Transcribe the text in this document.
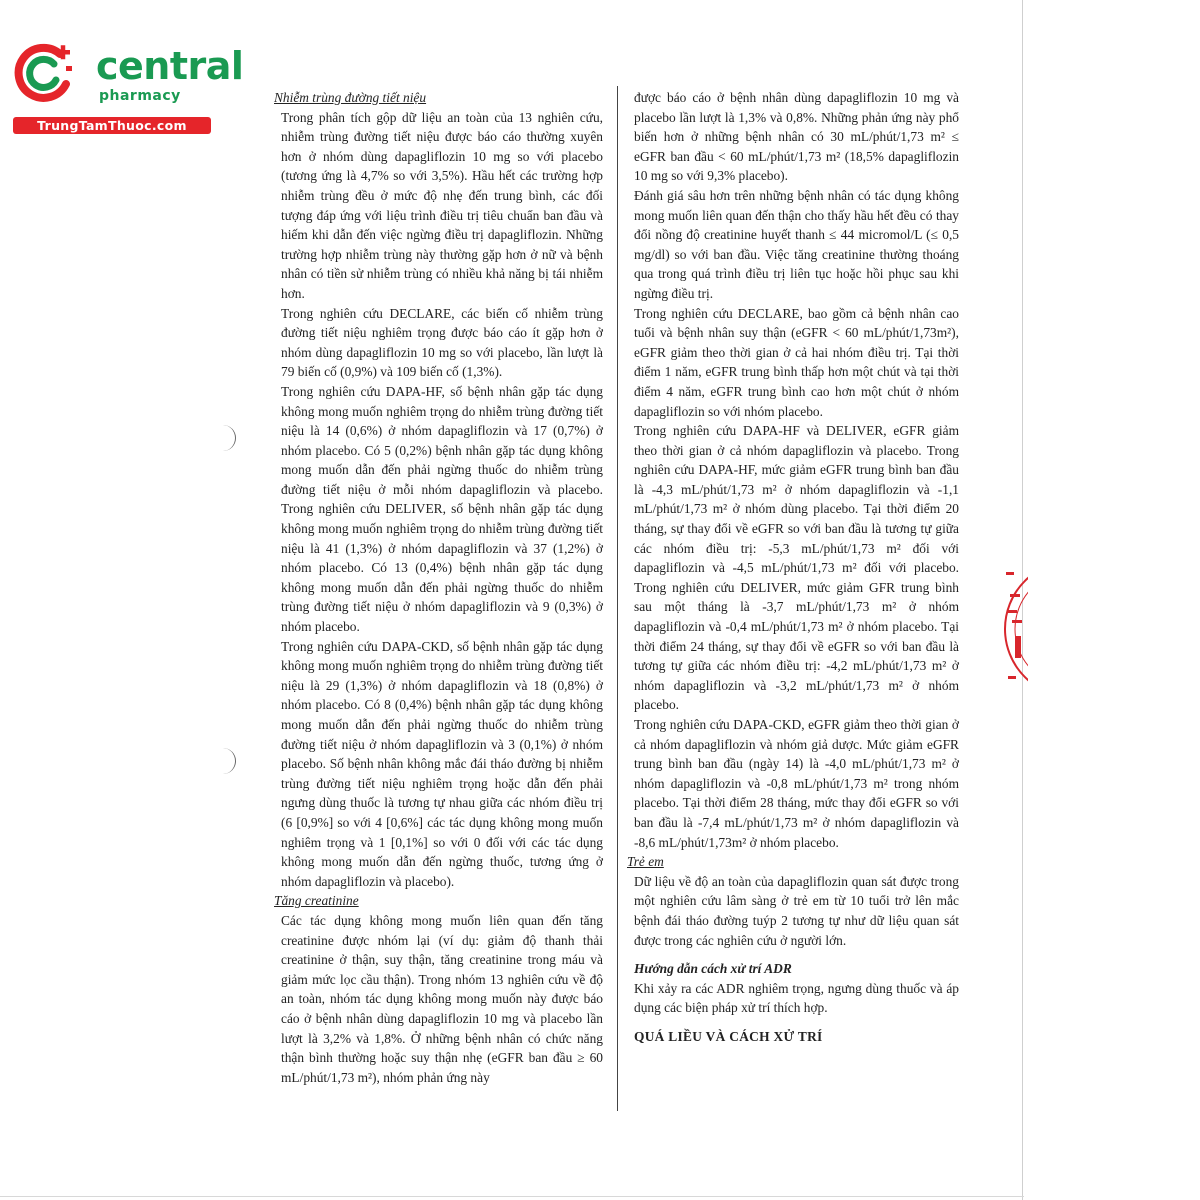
central
pharmacy
TrungTamThuoc.com

Nhiễm trùng đường tiết niệu

Trong phân tích gộp dữ liệu an toàn của 13 nghiên cứu, nhiễm trùng đường tiết niệu được báo cáo thường xuyên hơn ở nhóm dùng dapagliflozin 10 mg so với placebo (tương ứng là 4,7% so với 3,5%). Hầu hết các trường hợp nhiễm trùng đều ở mức độ nhẹ đến trung bình, các đối tượng đáp ứng với liệu trình điều trị tiêu chuẩn ban đầu và hiếm khi dẫn đến việc ngừng điều trị dapagliflozin. Những trường hợp nhiễm trùng này thường gặp hơn ở nữ và bệnh nhân có tiền sử nhiễm trùng có nhiều khả năng bị tái nhiễm hơn.

Trong nghiên cứu DECLARE, các biến cố nhiễm trùng đường tiết niệu nghiêm trọng được báo cáo ít gặp hơn ở nhóm dùng dapagliflozin 10 mg so với placebo, lần lượt là 79 biến cố (0,9%) và 109 biến cố (1,3%).

Trong nghiên cứu DAPA-HF, số bệnh nhân gặp tác dụng không mong muốn nghiêm trọng do nhiễm trùng đường tiết niệu là 14 (0,6%) ở nhóm dapagliflozin và 17 (0,7%) ở nhóm placebo. Có 5 (0,2%) bệnh nhân gặp tác dụng không mong muốn dẫn đến phải ngừng thuốc do nhiễm trùng đường tiết niệu ở mỗi nhóm dapagliflozin và placebo. Trong nghiên cứu DELIVER, số bệnh nhân gặp tác dụng không mong muốn nghiêm trọng do nhiễm trùng đường tiết niệu là 41 (1,3%) ở nhóm dapagliflozin và 37 (1,2%) ở nhóm placebo. Có 13 (0,4%) bệnh nhân gặp tác dụng không mong muốn dẫn đến phải ngừng thuốc do nhiễm trùng đường tiết niệu ở nhóm dapagliflozin và 9 (0,3%) ở nhóm placebo.

Trong nghiên cứu DAPA-CKD, số bệnh nhân gặp tác dụng không mong muốn nghiêm trọng do nhiễm trùng đường tiết niệu là 29 (1,3%) ở nhóm dapagliflozin và 18 (0,8%) ở nhóm placebo. Có 8 (0,4%) bệnh nhân gặp tác dụng không mong muốn dẫn đến phải ngừng thuốc do nhiễm trùng đường tiết niệu ở nhóm dapagliflozin và 3 (0,1%) ở nhóm placebo. Số bệnh nhân không mắc đái tháo đường bị nhiễm trùng đường tiết niệu nghiêm trọng hoặc dẫn đến phải ngưng dùng thuốc là tương tự nhau giữa các nhóm điều trị (6 [0,9%] so với 4 [0,6%] các tác dụng không mong muốn nghiêm trọng và 1 [0,1%] so với 0 đối với các tác dụng không mong muốn dẫn đến ngừng thuốc, tương ứng ở nhóm dapagliflozin và placebo).

Tăng creatinine

Các tác dụng không mong muốn liên quan đến tăng creatinine được nhóm lại (ví dụ: giảm độ thanh thải creatinine ở thận, suy thận, tăng creatinine trong máu và giảm mức lọc cầu thận). Trong nhóm 13 nghiên cứu về độ an toàn, nhóm tác dụng không mong muốn này được báo cáo ở bệnh nhân dùng dapagliflozin 10 mg và placebo lần lượt là 3,2% và 1,8%. Ở những bệnh nhân có chức năng thận bình thường hoặc suy thận nhẹ (eGFR ban đầu ≥ 60 mL/phút/1,73 m²), nhóm phản ứng này

được báo cáo ở bệnh nhân dùng dapagliflozin 10 mg và placebo lần lượt là 1,3% và 0,8%. Những phản ứng này phổ biến hơn ở những bệnh nhân có 30 mL/phút/1,73 m² ≤ eGFR ban đầu < 60 mL/phút/1,73 m² (18,5% dapagliflozin 10 mg so với 9,3% placebo).

Đánh giá sâu hơn trên những bệnh nhân có tác dụng không mong muốn liên quan đến thận cho thấy hầu hết đều có thay đổi nồng độ creatinine huyết thanh ≤ 44 micromol/L (≤ 0,5 mg/dl) so với ban đầu. Việc tăng creatinine thường thoáng qua trong quá trình điều trị liên tục hoặc hồi phục sau khi ngừng điều trị.

Trong nghiên cứu DECLARE, bao gồm cả bệnh nhân cao tuổi và bệnh nhân suy thận (eGFR < 60 mL/phút/1,73m²), eGFR giảm theo thời gian ở cả hai nhóm điều trị. Tại thời điểm 1 năm, eGFR trung bình thấp hơn một chút và tại thời điểm 4 năm, eGFR trung bình cao hơn một chút ở nhóm dapagliflozin so với nhóm placebo.

Trong nghiên cứu DAPA-HF và DELIVER, eGFR giảm theo thời gian ở cả nhóm dapagliflozin và placebo. Trong nghiên cứu DAPA-HF, mức giảm eGFR trung bình ban đầu là -4,3 mL/phút/1,73 m² ở nhóm dapagliflozin và -1,1 mL/phút/1,73 m² ở nhóm dùng placebo. Tại thời điểm 20 tháng, sự thay đổi về eGFR so với ban đầu là tương tự giữa các nhóm điều trị: -5,3 mL/phút/1,73 m² đối với dapagliflozin và -4,5 mL/phút/1,73 m² đối với placebo. Trong nghiên cứu DELIVER, mức giảm GFR trung bình sau một tháng là -3,7 mL/phút/1,73 m² ở nhóm dapagliflozin và -0,4 mL/phút/1,73 m² ở nhóm placebo. Tại thời điểm 24 tháng, sự thay đổi về eGFR so với ban đầu là tương tự giữa các nhóm điều trị: -4,2 mL/phút/1,73 m² ở nhóm dapagliflozin và -3,2 mL/phút/1,73 m² ở nhóm placebo.

Trong nghiên cứu DAPA-CKD, eGFR giảm theo thời gian ở cả nhóm dapagliflozin và nhóm giả dược. Mức giảm eGFR trung bình ban đầu (ngày 14) là -4,0 mL/phút/1,73 m² ở nhóm dapagliflozin và -0,8 mL/phút/1,73 m² trong nhóm placebo. Tại thời điểm 28 tháng, mức thay đổi eGFR so với ban đầu là -7,4 mL/phút/1,73 m² ở nhóm dapagliflozin và -8,6 mL/phút/1,73m² ở nhóm placebo.

Trẻ em

Dữ liệu về độ an toàn của dapagliflozin quan sát được trong một nghiên cứu lâm sàng ở trẻ em từ 10 tuổi trở lên mắc bệnh đái tháo đường tuýp 2 tương tự như dữ liệu quan sát được trong các nghiên cứu ở người lớn.

Hướng dẫn cách xử trí ADR

Khi xảy ra các ADR nghiêm trọng, ngưng dùng thuốc và áp dụng các biện pháp xử trí thích hợp.

QUÁ LIỀU VÀ CÁCH XỬ TRÍ
